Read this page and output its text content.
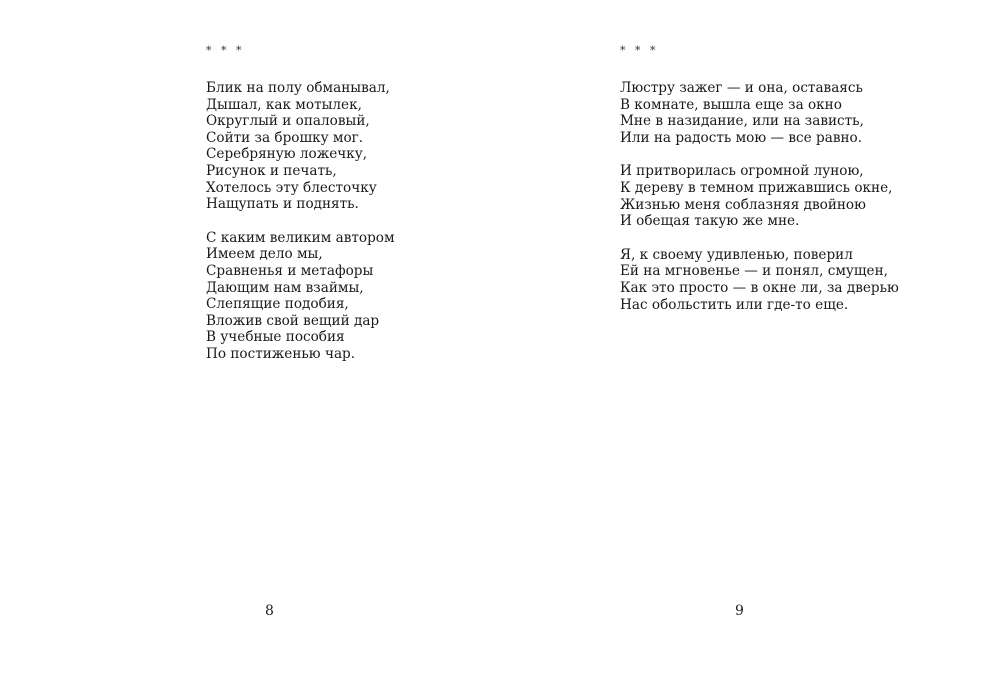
* * *
Блик на полу обманывал,
Дышал, как мотылек,
Округлый и опаловый,
Сойти за брошку мог.
Серебряную ложечку,
Рисунок и печать,
Хотелось эту блесточку
Нащупать и поднять.
С каким великим автором
Имеем дело мы,
Сравненья и метафоры
Дающим нам взаймы,
Слепящие подобия,
Вложив свой вещий дар
В учебные пособия
По постиженью чар.
8
* * *
Люстру зажег — и она, оставаясь
В комнате, вышла еще за окно
Мне в назидание, или на зависть,
Или на радость мою — все равно.
И притворилась огромной луною,
К дереву в темном прижавшись окне,
Жизнью меня соблазняя двойною
И обещая такую же мне.
Я, к своему удивленью, поверил
Ей на мгновенье — и понял, смущен,
Как это просто — в окне ли, за дверью
Нас обольстить или где-то еще.
9
